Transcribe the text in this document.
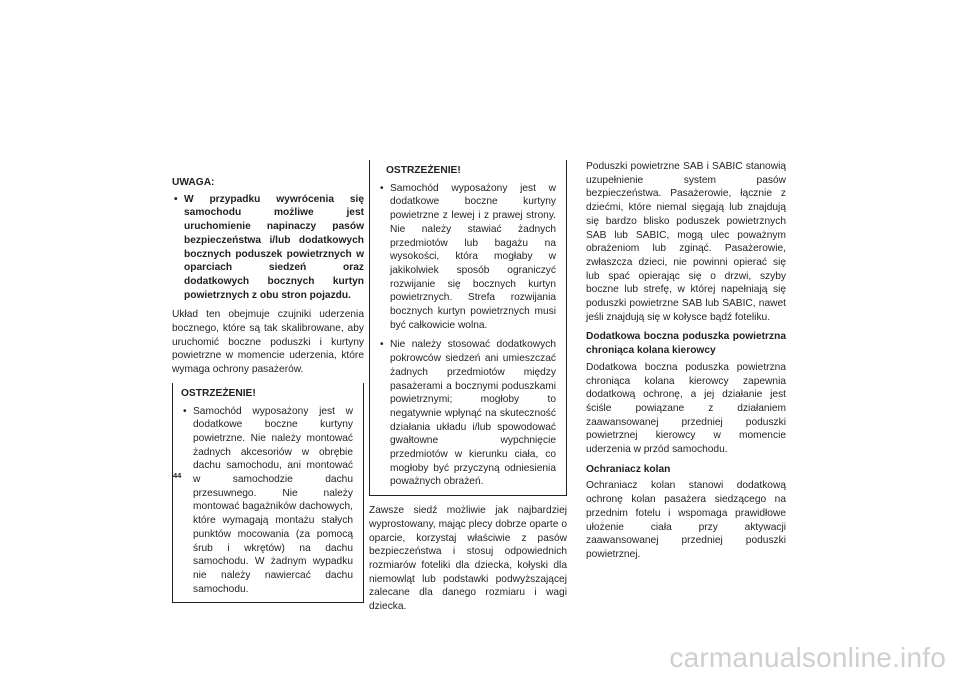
UWAGA:

• W przypadku wywrócenia się samochodu możliwe jest uruchomienie napinaczy pasów bezpieczeństwa i/lub dodatkowych bocznych poduszek powietrznych w oparciach siedzeń oraz dodatkowych bocznych kurtyn powietrznych z obu stron pojazdu.

Układ ten obejmuje czujniki uderzenia bocznego, które są tak skalibrowane, aby uruchomić boczne poduszki i kurtyny powietrzne w momencie uderzenia, które wymaga ochrony pasażerów.

OSTRZEŻENIE!
• Samochód wyposażony jest w dodatkowe boczne kurtyny powietrzne. Nie należy montować żadnych akcesoriów w obrębie dachu samochodu, ani montować w samochodzie dachu przesuwnego. Nie należy montować bagażników dachowych, które wymagają montażu stałych punktów mocowania (za pomocą śrub i wkrętów) na dachu samochodu. W żadnym wypadku nie należy nawiercać dachu samochodu.
OSTRZEŻENIE!
• Samochód wyposażony jest w dodatkowe boczne kurtyny powietrzne z lewej i z prawej strony. Nie należy stawiać żadnych przedmiotów lub bagażu na wysokości, która mogłaby w jakikolwiek sposób ograniczyć rozwijanie się bocznych kurtyn powietrznych. Strefa rozwijania bocznych kurtyn powietrznych musi być całkowicie wolna.
• Nie należy stosować dodatkowych pokrowców siedzeń ani umieszczać żadnych przedmiotów między pasażerami a bocznymi poduszkami powietrznymi; mogłoby to negatywnie wpłynąć na skuteczność działania układu i/lub spowodować gwałtowne wypchnięcie przedmiotów w kierunku ciała, co mogłoby być przyczyną odniesienia poważnych obrażeń.

Zawsze siedź możliwie jak najbardziej wyprostowany, mając plecy dobrze oparte o oparcie, korzystaj właściwie z pasów bezpieczeństwa i stosuj odpowiednich rozmiarów foteliki dla dziecka, kołyski dla niemowląt lub podstawki podwyższającej zalecane dla danego rozmiaru i wagi dziecka.

Poduszki powietrzne SAB i SABIC stanowią uzupełnienie system pasów bezpieczeństwa. Pasażerowie, łącznie z dziećmi, które niemal sięgają lub znajdują się bardzo blisko poduszek powietrznych SAB lub SABIC, mogą ulec poważnym obrażeniom lub zginąć. Pasażerowie, zwłaszcza dzieci, nie powinni opierać się lub spać opierając się o drzwi, szyby boczne lub strefę, w której napełniają się poduszki powietrzne SAB lub SABIC, nawet jeśli znajdują się w kołysce bądź foteliku.

Dodatkowa boczna poduszka powietrzna chroniąca kolana kierowcy

Dodatkowa boczna poduszka powietrzna chroniąca kolana kierowcy zapewnia dodatkową ochronę, a jej działanie jest ściśle powiązane z działaniem zaawansowanej przedniej poduszki powietrznej kierowcy w momencie uderzenia w przód samochodu.

Ochraniacz kolan

Ochraniacz kolan stanowi dodatkową ochronę kolan pasażera siedzącego na przednim fotelu i wspomaga prawidłowe ułożenie ciała przy aktywacji zaawansowanej przedniej poduszki powietrznej.

44
carmanualsonline.info
